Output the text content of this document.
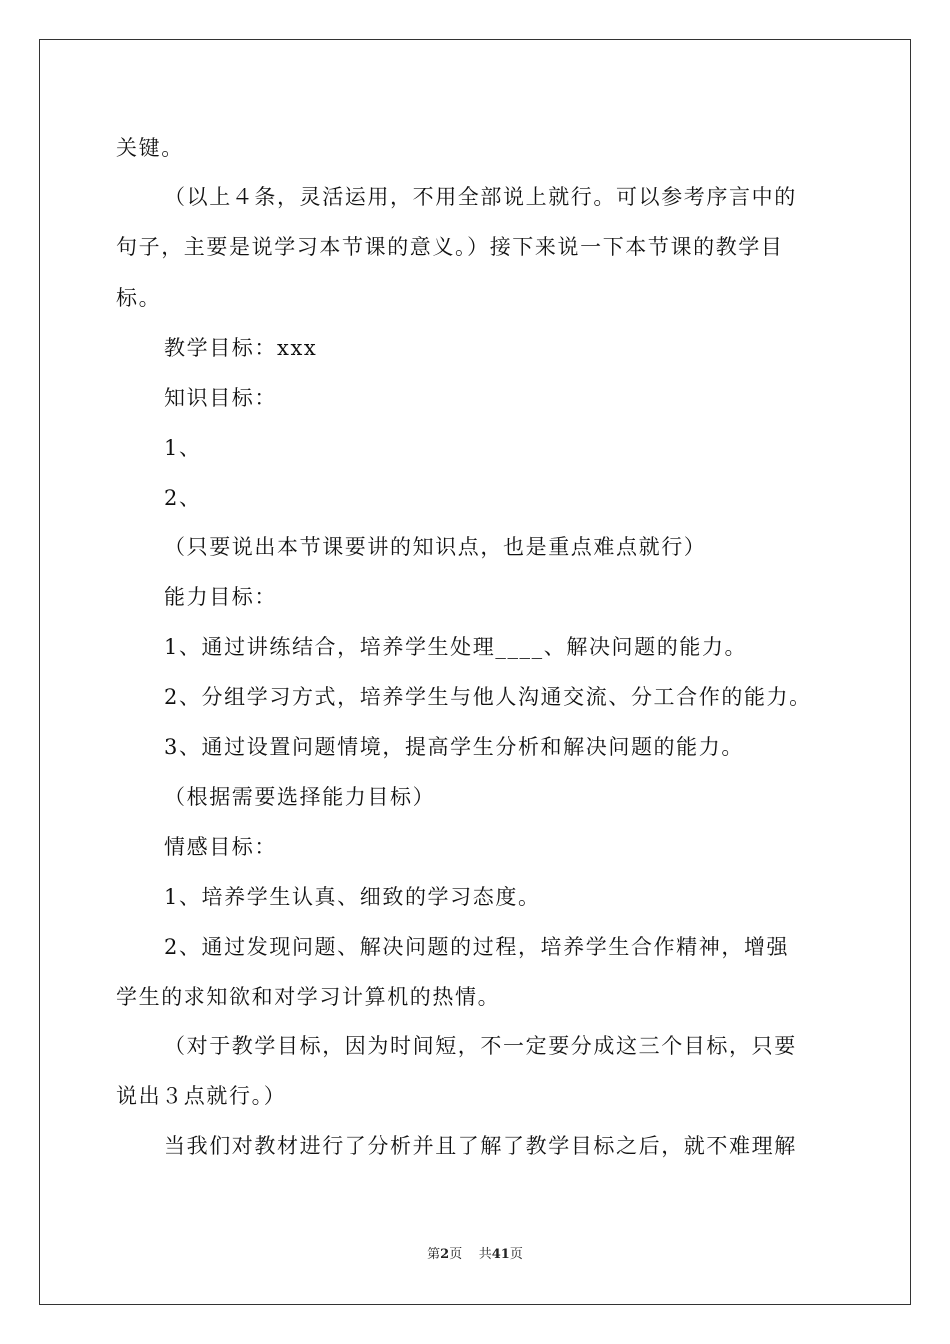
关键。
（以上４条，灵活运用，不用全部说上就行。可以参考序言中的
句子，主要是说学习本节课的意义。）接下来说一下本节课的教学目
标。
教学目标：xxx
知识目标：
1、
2、
（只要说出本节课要讲的知识点，也是重点难点就行）
能力目标：
1、通过讲练结合，培养学生处理____、解决问题的能力。
2、分组学习方式，培养学生与他人沟通交流、分工合作的能力。
3、通过设置问题情境，提高学生分析和解决问题的能力。
（根据需要选择能力目标）
情感目标：
1、培养学生认真、细致的学习态度。
2、通过发现问题、解决问题的过程，培养学生合作精神，增强
学生的求知欲和对学习计算机的热情。
（对于教学目标，因为时间短，不一定要分成这三个目标，只要
说出３点就行。）
当我们对教材进行了分析并且了解了教学目标之后，就不难理解
第2页 共41页
